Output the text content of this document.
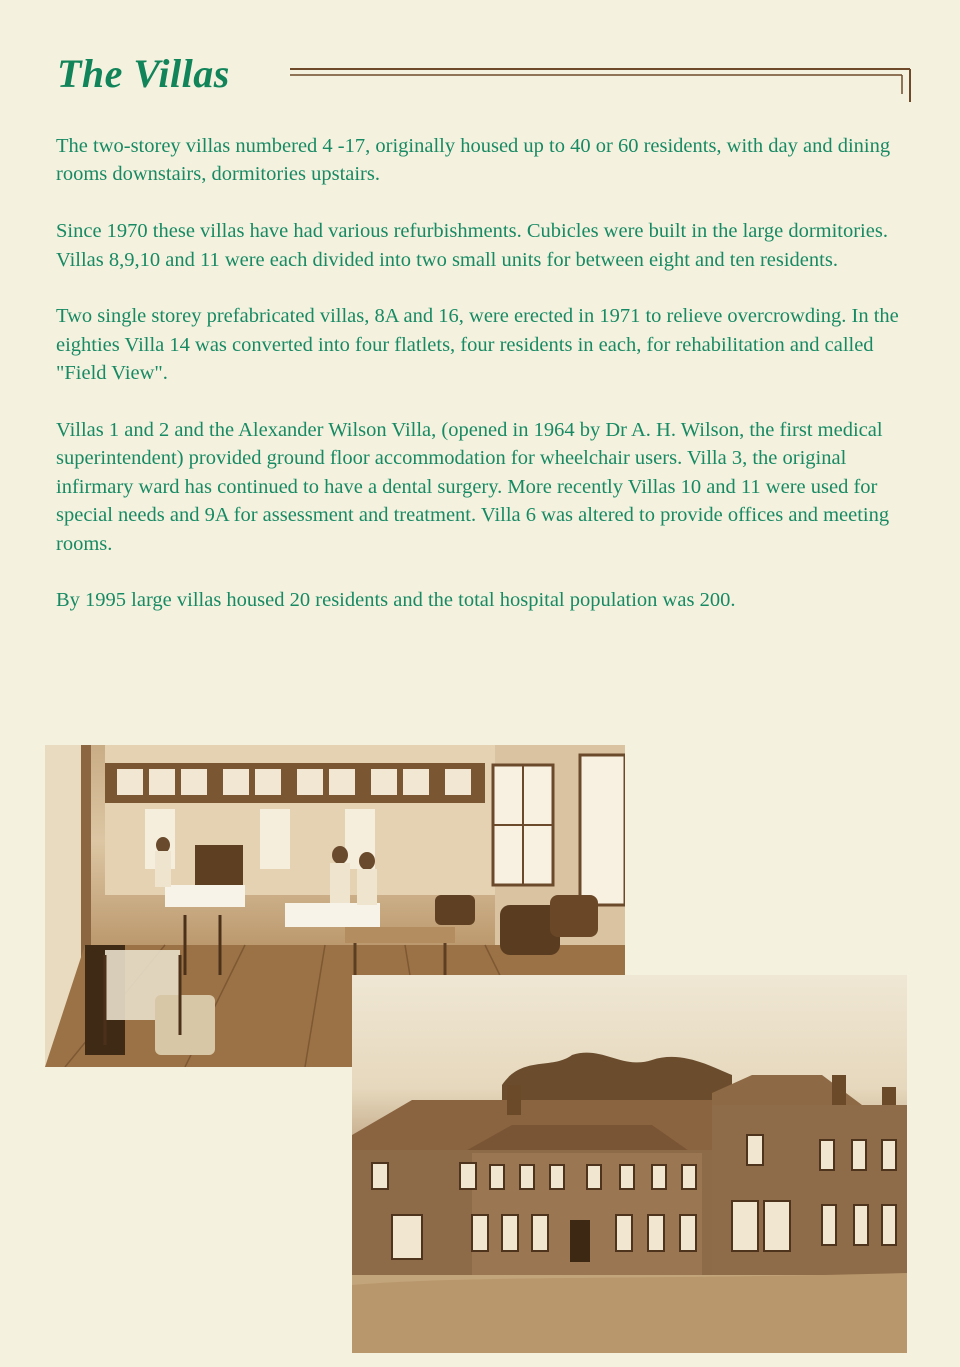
The Villas

The two-storey villas numbered 4 -17, originally housed up to 40 or 60 residents, with day and dining rooms downstairs, dormitories upstairs.

Since 1970 these villas have had various refurbishments. Cubicles were built in the large dormitories. Villas 8,9,10 and 11 were each divided into two small units for between eight and ten residents.

Two single storey prefabricated villas, 8A and 16, were erected in 1971 to relieve overcrowding. In the eighties Villa 14 was converted into four flatlets, four residents in each, for rehabilitation and called "Field View".

Villas 1 and 2 and the Alexander Wilson Villa, (opened in 1964 by Dr A. H. Wilson, the first medical superintendent) provided ground floor accommodation for wheelchair users. Villa 3, the original infirmary ward has continued to have a dental surgery. More recently Villas 10 and 11 were used for special needs and 9A for assessment and treatment. Villa 6 was altered to provide offices and meeting rooms.

By 1995 large villas housed 20 residents and the total hospital population was 200.
